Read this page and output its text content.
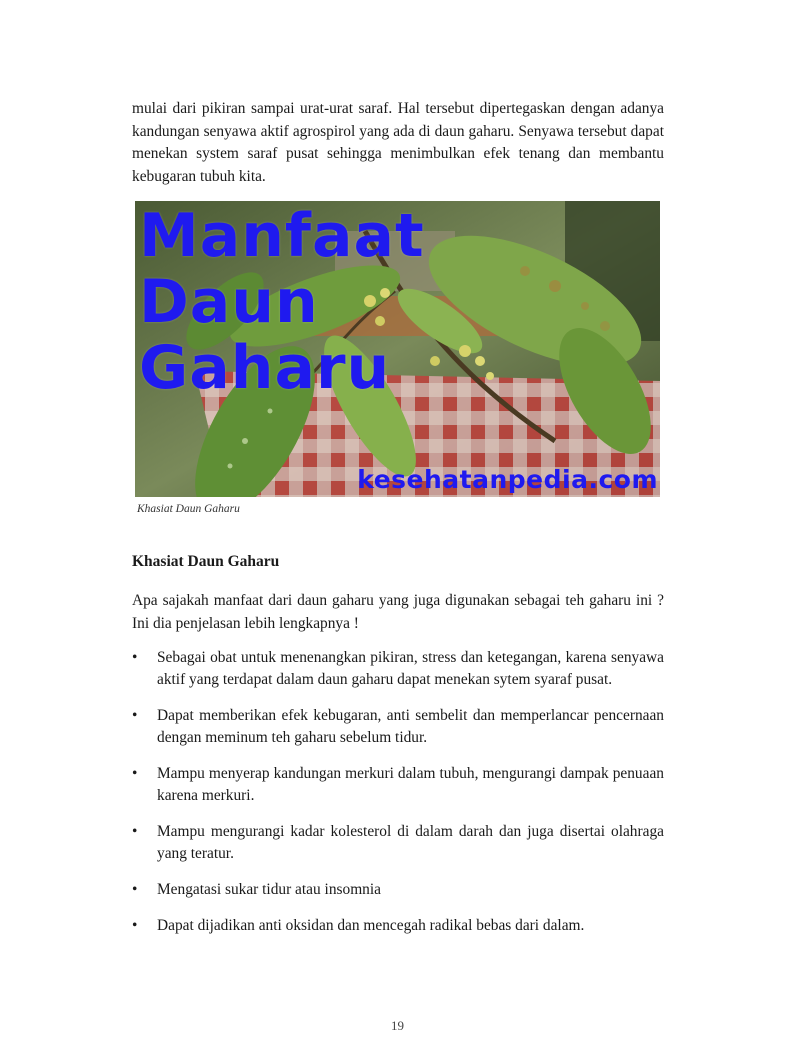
mulai dari pikiran sampai urat-urat saraf. Hal tersebut dipertegaskan dengan adanya kandungan senyawa aktif agrospirol yang ada di daun gaharu. Senyawa tersebut dapat menekan system saraf pusat sehingga menimbulkan efek tenang dan membantu kebugaran tubuh kita.

Manfaat
Daun
Gaharu
kesehatanpedia.com
Khasiat Daun Gaharu
Khasiat Daun Gaharu

Apa sajakah manfaat dari daun gaharu yang juga digunakan sebagai teh gaharu ini ? Ini dia penjelasan lebih lengkapnya !

• Sebagai obat untuk menenangkan pikiran, stress dan ketegangan, karena senyawa aktif yang terdapat dalam daun gaharu dapat menekan sytem syaraf pusat.
• Dapat memberikan efek kebugaran, anti sembelit dan memperlancar pencernaan dengan meminum teh gaharu sebelum tidur.
• Mampu menyerap kandungan merkuri dalam tubuh, mengurangi dampak penuaan karena merkuri.
• Mampu mengurangi kadar kolesterol di dalam darah dan juga disertai olahraga yang teratur.
• Mengatasi sukar tidur atau insomnia
• Dapat dijadikan anti oksidan dan mencegah radikal bebas dari dalam.
19
